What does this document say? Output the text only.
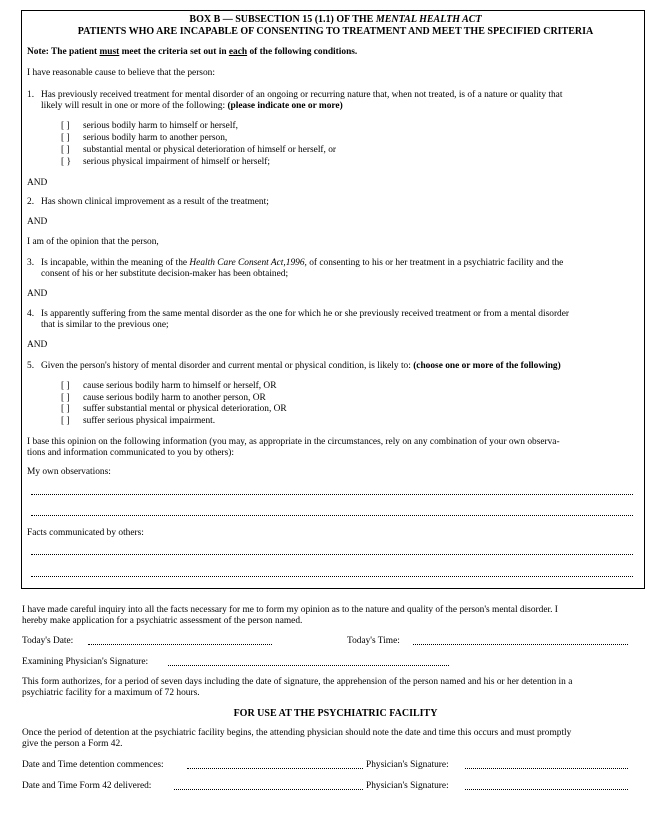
BOX B — SUBSECTION 15 (1.1) OF THE MENTAL HEALTH ACT
PATIENTS WHO ARE INCAPABLE OF CONSENTING TO TREATMENT AND MEET THE SPECIFIED CRITERIA
Note: The patient must meet the criteria set out in each of the following conditions.
I have reasonable cause to believe that the person:
1. Has previously received treatment for mental disorder of an ongoing or recurring nature that, when not treated, is of a nature or quality that
likely will result in one or more of the following: (please indicate one or more)
[ ] serious bodily harm to himself or herself,
[ ] serious bodily harm to another person,
[ ] substantial mental or physical deterioration of himself or herself, or
[ } serious physical impairment of himself or herself;
AND
2. Has shown clinical improvement as a result of the treatment;
AND
I am of the opinion that the person,
3. Is incapable, within the meaning of the Health Care Consent Act,1996, of consenting to his or her treatment in a psychiatric facility and the
consent of his or her substitute decision-maker has been obtained;
AND
4. Is apparently suffering from the same mental disorder as the one for which he or she previously received treatment or from a mental disorder
that is similar to the previous one;
AND
5. Given the person's history of mental disorder and current mental or physical condition, is likely to: (choose one or more of the following)
[ ] cause serious bodily harm to himself or herself, OR
[ ] cause serious bodily harm to another person, OR
[ ] suffer substantial mental or physical deterioration, OR
[ ] suffer serious physical impairment.
I base this opinion on the following information (you may, as appropriate in the circumstances, rely on any combination of your own observa-
tions and information communicated to you by others):
My own observations:
Facts communicated by others:
I have made careful inquiry into all the facts necessary for me to form my opinion as to the nature and quality of the person's mental disorder. I
hereby make application for a psychiatric assessment of the person named.
Today's Date:	Today's Time:
Examining Physician's Signature:
This form authorizes, for a period of seven days including the date of signature, the apprehension of the person named and his or her detention in a
psychiatric facility for a maximum of 72 hours.
FOR USE AT THE PSYCHIATRIC FACILITY
Once the period of detention at the psychiatric facility begins, the attending physician should note the date and time this occurs and must promptly
give the person a Form 42.
Date and Time detention commences:	Physician's Signature:
Date and Time Form 42 delivered:	Physician's Signature:
